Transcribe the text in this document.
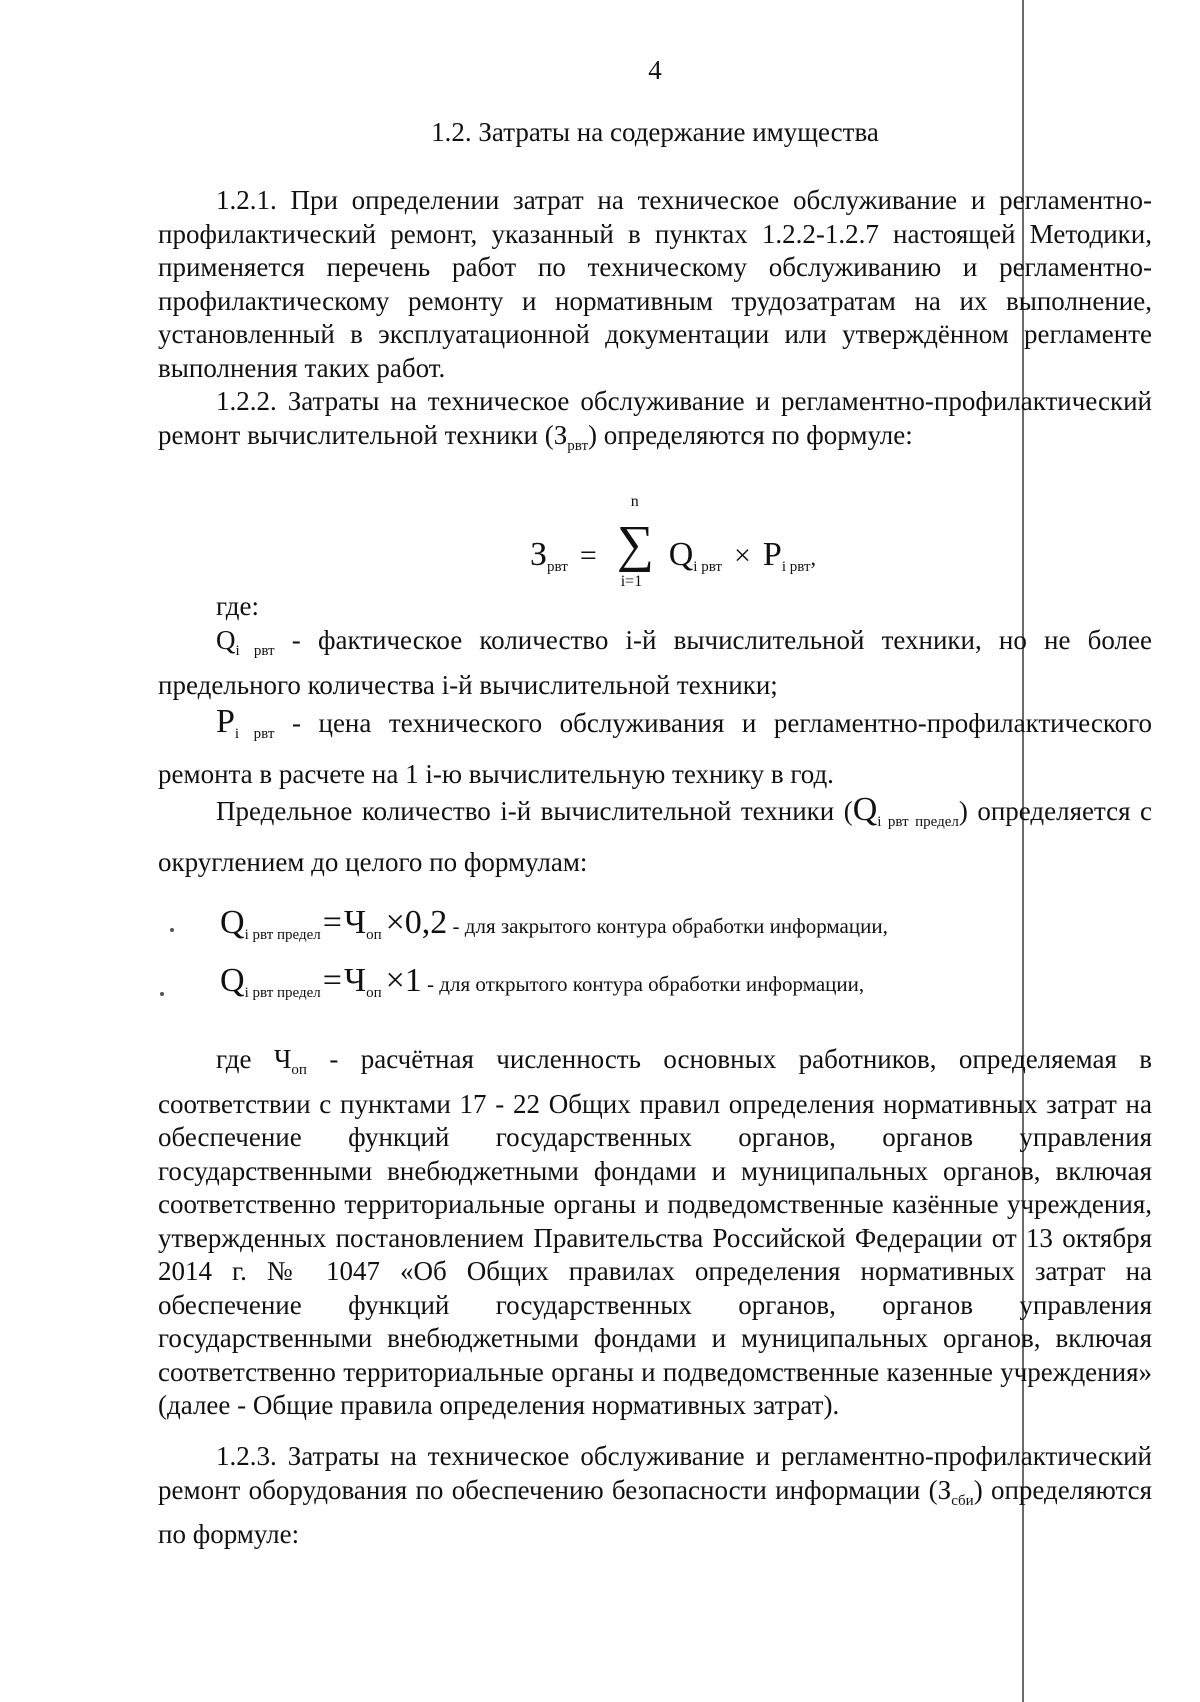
4
1.2. Затраты на содержание имущества
1.2.1. При определении затрат на техническое обслуживание и регламентно-профилактический ремонт, указанный в пунктах 1.2.2-1.2.7 настоящей Методики, применяется перечень работ по техническому обслуживанию и регламентно-профилактическому ремонту и нормативным трудозатратам на их выполнение, установленный в эксплуатационной документации или утверждённом регламенте выполнения таких работ.
1.2.2. Затраты на техническое обслуживание и регламентно-профилактический ремонт вычислительной техники $(З_{рвт})$ определяются по формуле:
Зрвт =
n
∑
i=1
Qi рвт × Pi рвт,
где:
$Q_{i рвт}$ - фактическое количество i-й вычислительной техники, но не более предельного количества i-й вычислительной техники;
$P_{i рвт}$ - цена технического обслуживания и регламентно-профилактического ремонта в расчете на 1 i-ю вычислительную технику в год.
Предельное количество i-й вычислительной техники $(Q_{i рвт предел})$ определяется с округлением до целого по формулам:
Qi рвт предел=Чоп ×0,2 - для закрытого контура обработки информации,
Qi рвт предел=Чоп ×1 - для открытого контура обработки информации,
где $Ч_{оп}$ - расчётная численность основных работников, определяемая в соответствии с пунктами 17 - 22 Общих правил определения нормативных затрат на обеспечение функций государственных органов, органов управления государственными внебюджетными фондами и муниципальных органов, включая соответственно территориальные органы и подведомственные казённые учреждения, утвержденных постановлением Правительства Российской Федерации от 13 октября 2014 г. № 1047 «Об Общих правилах определения нормативных затрат на обеспечение функций государственных органов, органов управления государственными внебюджетными фондами и муниципальных органов, включая соответственно территориальные органы и подведомственные казенные учреждения» (далее - Общие правила определения нормативных затрат).
1.2.3. Затраты на техническое обслуживание и регламентно-профилактический ремонт оборудования по обеспечению безопасности информации $(З_{сби})$ определяются по формуле:
